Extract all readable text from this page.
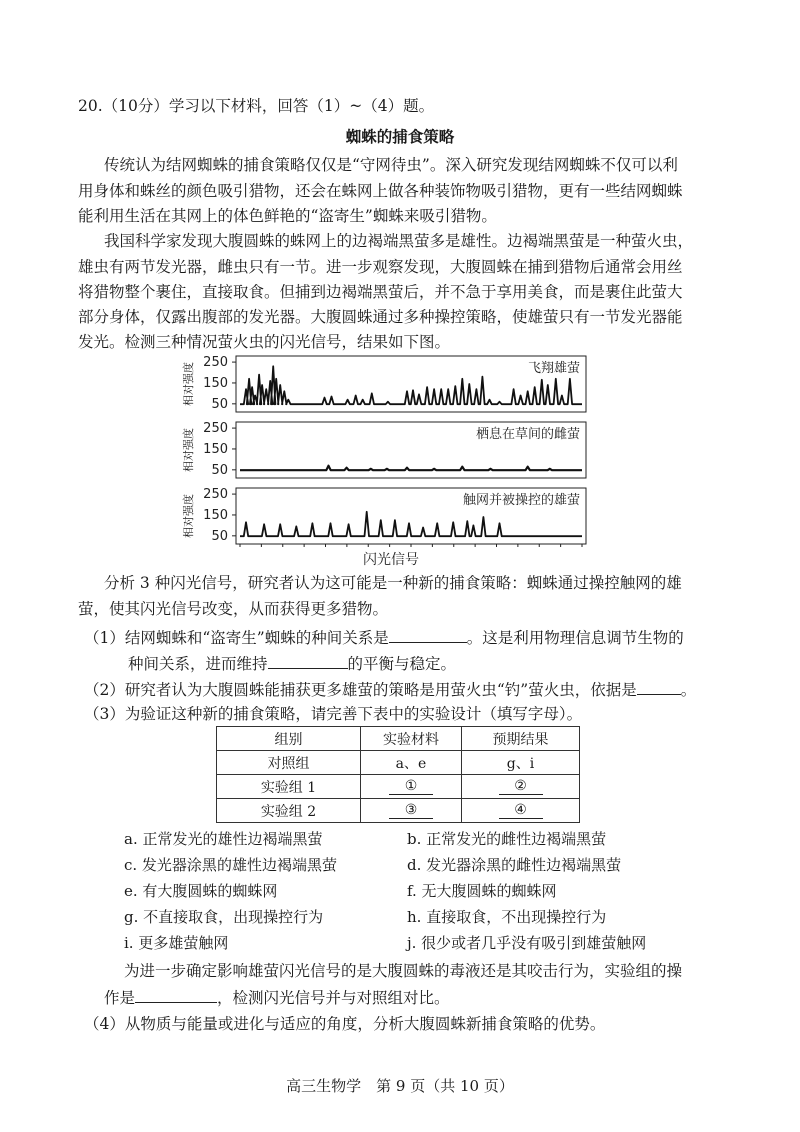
20.（10分）学习以下材料，回答（1）~（4）题。
蜘蛛的捕食策略
传统认为结网蜘蛛的捕食策略仅仅是“守网待虫”。深入研究发现结网蜘蛛不仅可以利
用身体和蛛丝的颜色吸引猎物，还会在蛛网上做各种装饰物吸引猎物，更有一些结网蜘蛛
能利用生活在其网上的体色鲜艳的“盗寄生”蜘蛛来吸引猎物。
我国科学家发现大腹圆蛛的蛛网上的边褐端黑萤多是雄性。边褐端黑萤是一种萤火虫，
雄虫有两节发光器，雌虫只有一节。进一步观察发现，大腹圆蛛在捕到猎物后通常会用丝
将猎物整个裹住，直接取食。但捕到边褐端黑萤后，并不急于享用美食，而是裹住此萤大
部分身体，仅露出腹部的发光器。大腹圆蛛通过多种操控策略，使雄萤只有一节发光器能
发光。检测三种情况萤火虫的闪光信号，结果如下图。
50
150
250
相对强度	飞翔雄萤
50
150
250
相对强度	栖息在草间的雌萤
50
150
250
相对强度	触网并被操控的雄萤
闪光信号
分析 3 种闪光信号，研究者认为这可能是一种新的捕食策略：蜘蛛通过操控触网的雄
萤，使其闪光信号改变，从而获得更多猎物。
（1）结网蜘蛛和“盗寄生”蜘蛛的种间关系是	。这是利用物理信息调节生物的
种间关系，进而维持	的平衡与稳定。
（2）研究者认为大腹圆蛛能捕获更多雄萤的策略是用萤火虫“钓”萤火虫，依据是	。
（3）为验证这种新的捕食策略，请完善下表中的实验设计（填写字母）。
组别	实验材料	预期结果
对照组	a、e	g、i
实验组 1	①	②
实验组 2	③	④
a. 正常发光的雄性边褐端黑萤	b. 正常发光的雌性边褐端黑萤
c. 发光器涂黑的雄性边褐端黑萤	d. 发光器涂黑的雌性边褐端黑萤
e. 有大腹圆蛛的蜘蛛网	f. 无大腹圆蛛的蜘蛛网
g. 不直接取食，出现操控行为	h. 直接取食，不出现操控行为
i. 更多雄萤触网	j. 很少或者几乎没有吸引到雄萤触网
为进一步确定影响雄萤闪光信号的是大腹圆蛛的毒液还是其咬击行为，实验组的操
作是	，检测闪光信号并与对照组对比。
（4）从物质与能量或进化与适应的角度，分析大腹圆蛛新捕食策略的优势。
高三生物学　第 9 页（共 10 页）
